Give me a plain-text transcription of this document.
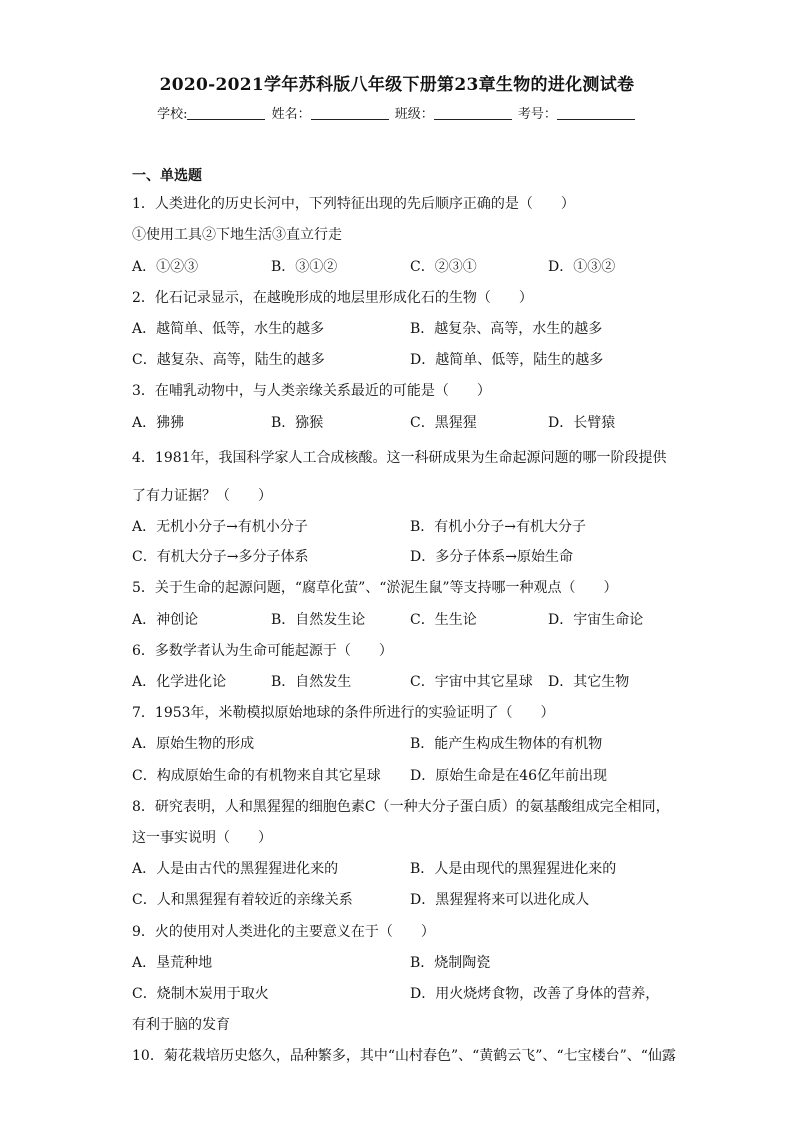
2020-2021学年苏科版八年级下册第23章生物的进化测试卷
学校:	姓名：	班级：	考号：
一、单选题
1．人类进化的历史长河中，下列特征出现的先后顺序正确的是（　　）
①使用工具②下地生活③直立行走
A．①②③	B．③①②	C．②③①	D．①③②
2．化石记录显示，在越晚形成的地层里形成化石的生物（　　）
A．越简单、低等，水生的越多	B．越复杂、高等，水生的越多
C．越复杂、高等，陆生的越多	D．越简单、低等，陆生的越多
3．在哺乳动物中，与人类亲缘关系最近的可能是（　　）
A．狒狒	B．猕猴	C．黑猩猩	D．长臂猿
4．1981年，我国科学家人工合成核酸。这一科研成果为生命起源问题的哪一阶段提供
了有力证据？（　　）
A．无机小分子→有机小分子	B．有机小分子→有机大分子
C．有机大分子→多分子体系	D．多分子体系→原始生命
5．关于生命的起源问题，“腐草化萤”、“淤泥生鼠”等支持哪一种观点（　　）
A．神创论	B．自然发生论	C．生生论	D．宇宙生命论
6．多数学者认为生命可能起源于（　　）
A．化学进化论	B．自然发生	C．宇宙中其它星球 D．其它生物
7．1953年，米勒模拟原始地球的条件所进行的实验证明了（　　）
A．原始生物的形成	B．能产生构成生物体的有机物
C．构成原始生命的有机物来自其它星球 D．原始生命是在46亿年前出现
8．研究表明，人和黑猩猩的细胞色素C（一种大分子蛋白质）的氨基酸组成完全相同，
这一事实说明（　　）
A．人是由古代的黑猩猩进化来的	B．人是由现代的黑猩猩进化来的
C．人和黑猩猩有着较近的亲缘关系	D．黑猩猩将来可以进化成人
9．火的使用对人类进化的主要意义在于（　　）
A．垦荒种地	B．烧制陶瓷
C．烧制木炭用于取火	D．用火烧烤食物，改善了身体的营养，
有利于脑的发育
10．菊花栽培历史悠久，品种繁多，其中“山村春色”、“黄鹤云飞”、“七宝楼台”、“仙露
